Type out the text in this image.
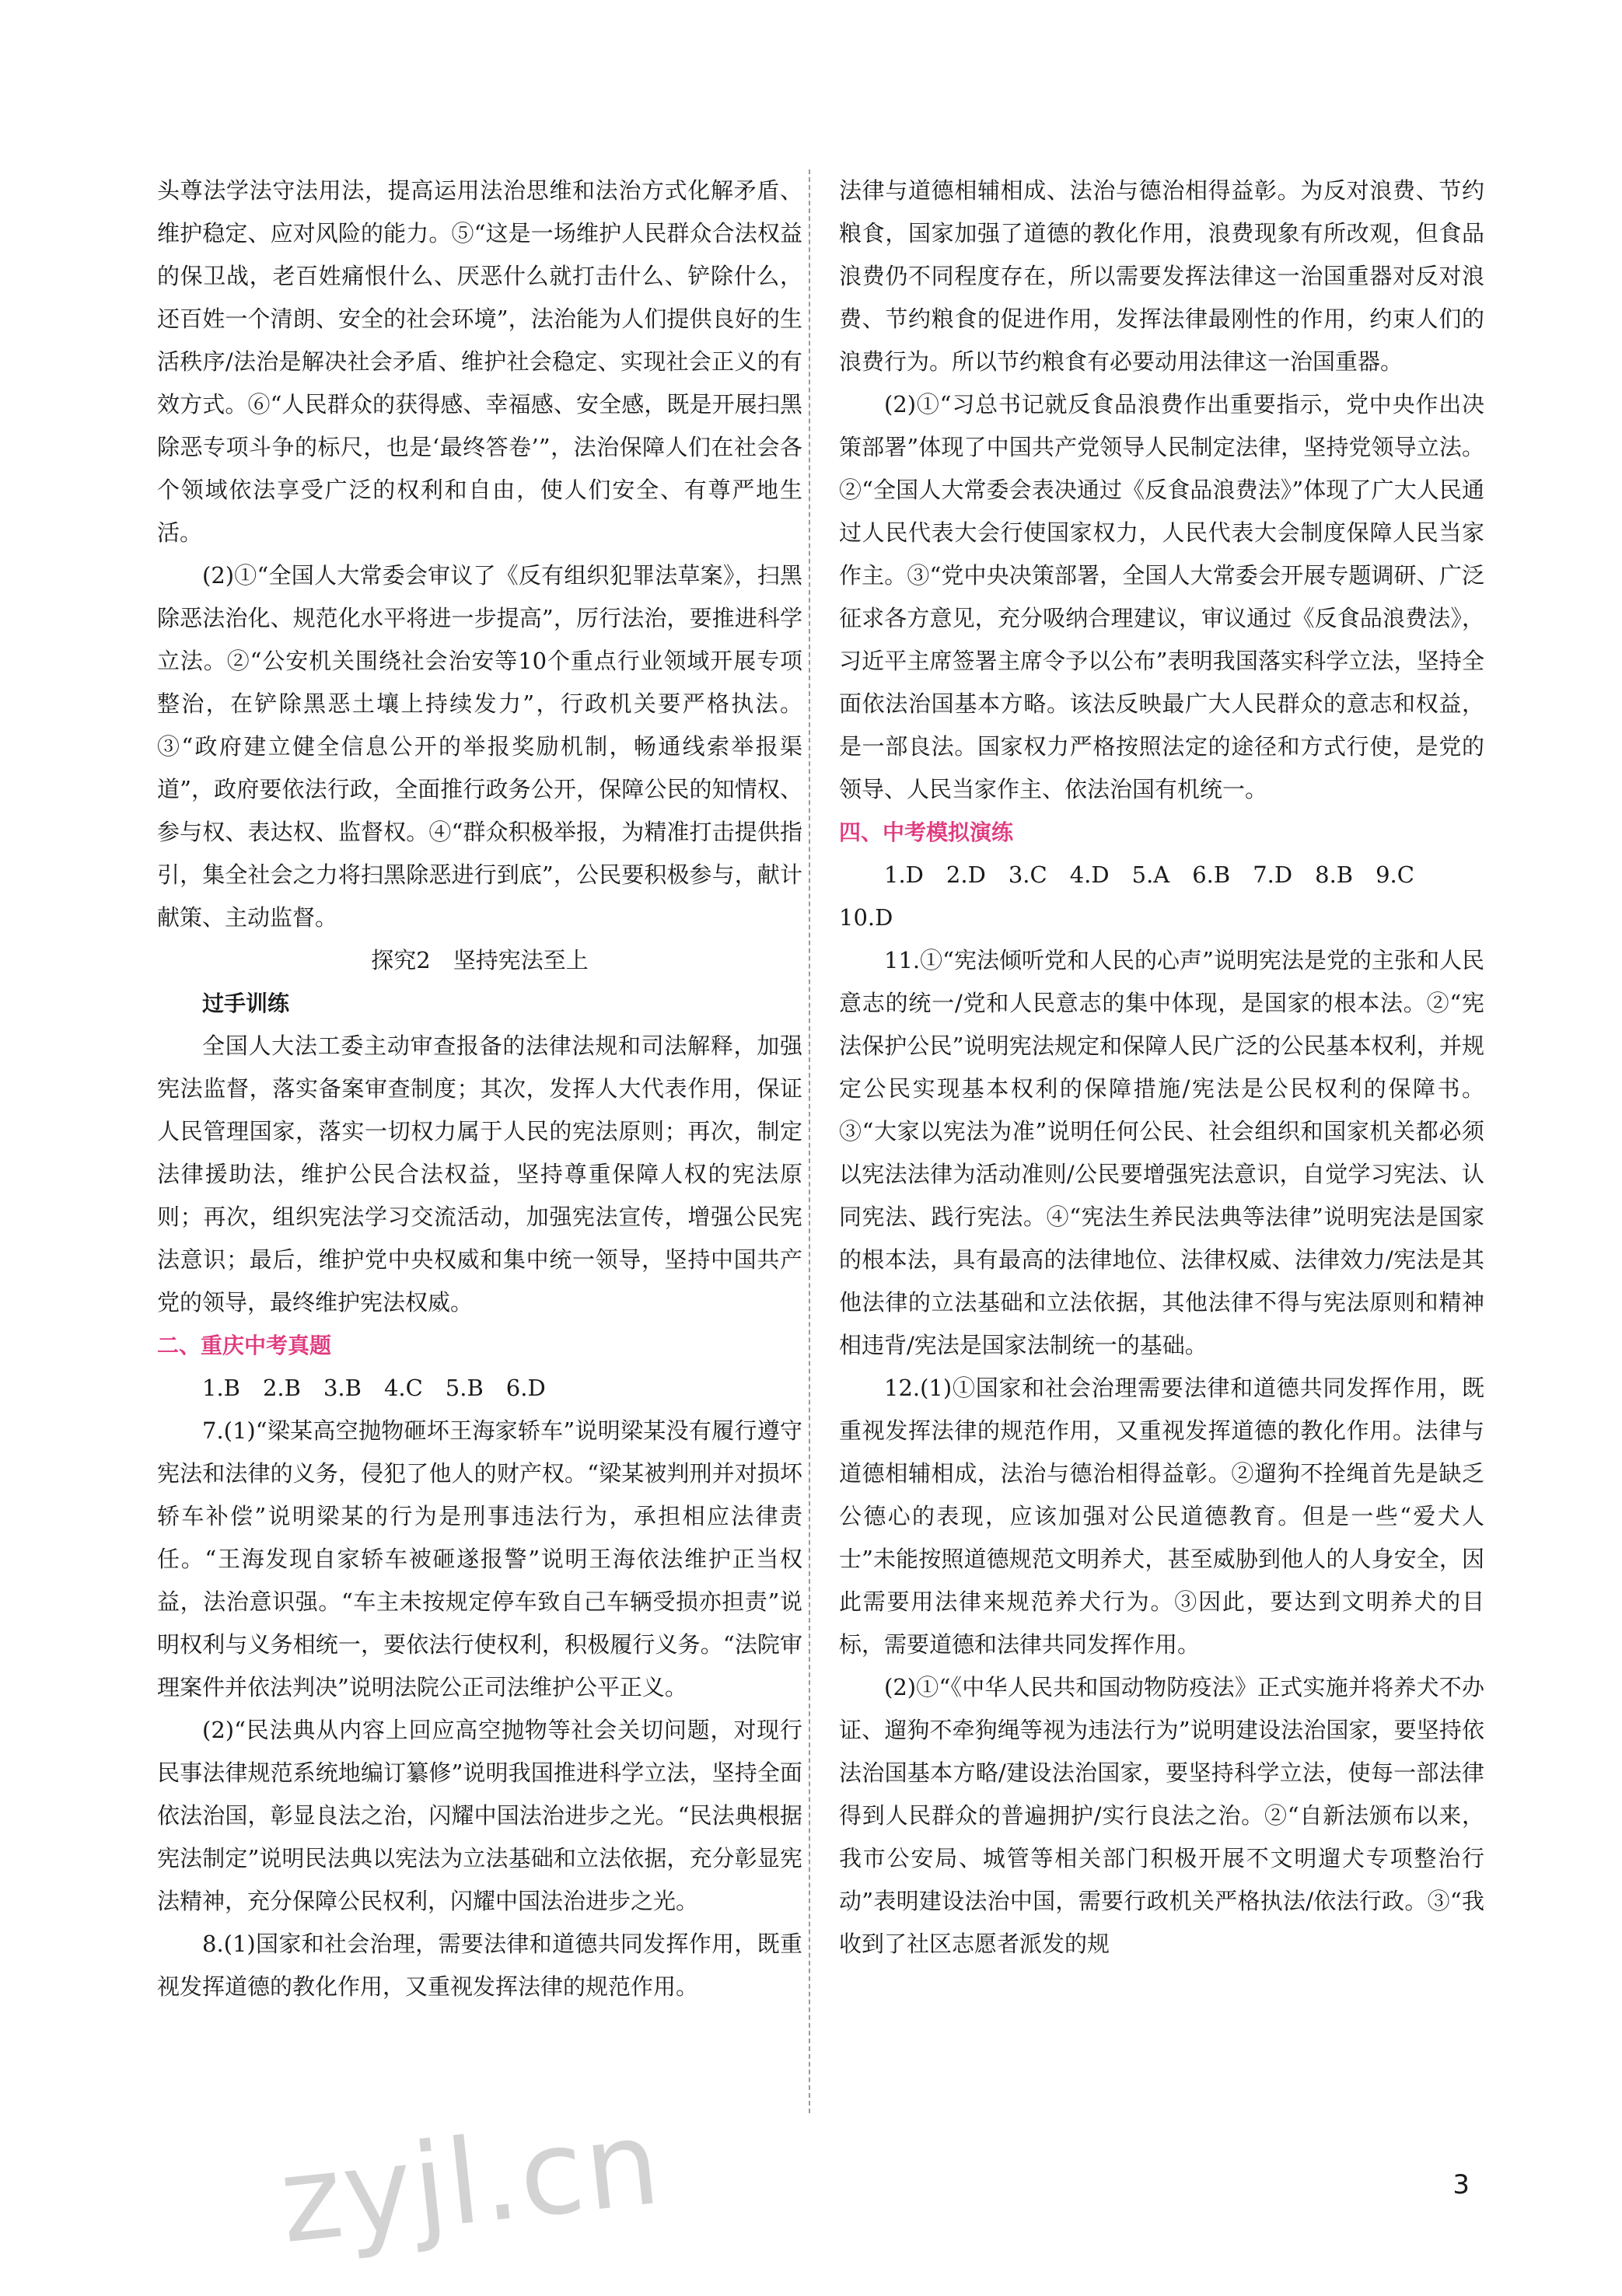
头尊法学法守法用法，提高运用法治思维和法治方式化解矛盾、维护稳定、应对风险的能力。⑤“这是一场维护人民群众合法权益的保卫战，老百姓痛恨什么、厌恶什么就打击什么、铲除什么，还百姓一个清朗、安全的社会环境”，法治能为人们提供良好的生活秩序/法治是解决社会矛盾、维护社会稳定、实现社会正义的有效方式。⑥“人民群众的获得感、幸福感、安全感，既是开展扫黑除恶专项斗争的标尺，也是‘最终答卷’”，法治保障人们在社会各个领域依法享受广泛的权利和自由，使人们安全、有尊严地生活。

(2)①“全国人大常委会审议了《反有组织犯罪法草案》，扫黑除恶法治化、规范化水平将进一步提高”，厉行法治，要推进科学立法。②“公安机关围绕社会治安等10个重点行业领域开展专项整治，在铲除黑恶土壤上持续发力”，行政机关要严格执法。③“政府建立健全信息公开的举报奖励机制，畅通线索举报渠道”，政府要依法行政，全面推行政务公开，保障公民的知情权、参与权、表达权、监督权。④“群众积极举报，为精准打击提供指引，集全社会之力将扫黑除恶进行到底”，公民要积极参与，献计献策、主动监督。

探究2　坚持宪法至上

过手训练

全国人大法工委主动审查报备的法律法规和司法解释，加强宪法监督，落实备案审查制度；其次，发挥人大代表作用，保证人民管理国家，落实一切权力属于人民的宪法原则；再次，制定法律援助法，维护公民合法权益，坚持尊重保障人权的宪法原则；再次，组织宪法学习交流活动，加强宪法宣传，增强公民宪法意识；最后，维护党中央权威和集中统一领导，坚持中国共产党的领导，最终维护宪法权威。

二、重庆中考真题

1.B　2.B　3.B　4.C　5.B　6.D

7.(1)“梁某高空抛物砸坏王海家轿车”说明梁某没有履行遵守宪法和法律的义务，侵犯了他人的财产权。“梁某被判刑并对损坏轿车补偿”说明梁某的行为是刑事违法行为，承担相应法律责任。“王海发现自家轿车被砸遂报警”说明王海依法维护正当权益，法治意识强。“车主未按规定停车致自己车辆受损亦担责”说明权利与义务相统一，要依法行使权利，积极履行义务。“法院审理案件并依法判决”说明法院公正司法维护公平正义。

(2)“民法典从内容上回应高空抛物等社会关切问题，对现行民事法律规范系统地编订纂修”说明我国推进科学立法，坚持全面依法治国，彰显良法之治，闪耀中国法治进步之光。“民法典根据宪法制定”说明民法典以宪法为立法基础和立法依据，充分彰显宪法精神，充分保障公民权利，闪耀中国法治进步之光。

8.(1)国家和社会治理，需要法律和道德共同发挥作用，既重视发挥道德的教化作用，又重视发挥法律的规范作用。

法律与道德相辅相成、法治与德治相得益彰。为反对浪费、节约粮食，国家加强了道德的教化作用，浪费现象有所改观，但食品浪费仍不同程度存在，所以需要发挥法律这一治国重器对反对浪费、节约粮食的促进作用，发挥法律最刚性的作用，约束人们的浪费行为。所以节约粮食有必要动用法律这一治国重器。

(2)①“习总书记就反食品浪费作出重要指示，党中央作出决策部署”体现了中国共产党领导人民制定法律，坚持党领导立法。②“全国人大常委会表决通过《反食品浪费法》”体现了广大人民通过人民代表大会行使国家权力，人民代表大会制度保障人民当家作主。③“党中央决策部署，全国人大常委会开展专题调研、广泛征求各方意见，充分吸纳合理建议，审议通过《反食品浪费法》，习近平主席签署主席令予以公布”表明我国落实科学立法，坚持全面依法治国基本方略。该法反映最广大人民群众的意志和权益，是一部良法。国家权力严格按照法定的途径和方式行使，是党的领导、人民当家作主、依法治国有机统一。

四、中考模拟演练

1.D　2.D　3.C　4.D　5.A　6.B　7.D　8.B　9.C

10.D

11.①“宪法倾听党和人民的心声”说明宪法是党的主张和人民意志的统一/党和人民意志的集中体现，是国家的根本法。②“宪法保护公民”说明宪法规定和保障人民广泛的公民基本权利，并规定公民实现基本权利的保障措施/宪法是公民权利的保障书。③“大家以宪法为准”说明任何公民、社会组织和国家机关都必须以宪法法律为活动准则/公民要增强宪法意识，自觉学习宪法、认同宪法、践行宪法。④“宪法生养民法典等法律”说明宪法是国家的根本法，具有最高的法律地位、法律权威、法律效力/宪法是其他法律的立法基础和立法依据，其他法律不得与宪法原则和精神相违背/宪法是国家法制统一的基础。

12.(1)①国家和社会治理需要法律和道德共同发挥作用，既重视发挥法律的规范作用，又重视发挥道德的教化作用。法律与道德相辅相成，法治与德治相得益彰。②遛狗不拴绳首先是缺乏公德心的表现，应该加强对公民道德教育。但是一些“爱犬人士”未能按照道德规范文明养犬，甚至威胁到他人的人身安全，因此需要用法律来规范养犬行为。③因此，要达到文明养犬的目标，需要道德和法律共同发挥作用。

(2)①“《中华人民共和国动物防疫法》正式实施并将养犬不办证、遛狗不牵狗绳等视为违法行为”说明建设法治国家，要坚持依法治国基本方略/建设法治国家，要坚持科学立法，使每一部法律得到人民群众的普遍拥护/实行良法之治。②“自新法颁布以来，我市公安局、城管等相关部门积极开展不文明遛犬专项整治行动”表明建设法治中国，需要行政机关严格执法/依法行政。③“我收到了社区志愿者派发的规

zyjl.cn	3
